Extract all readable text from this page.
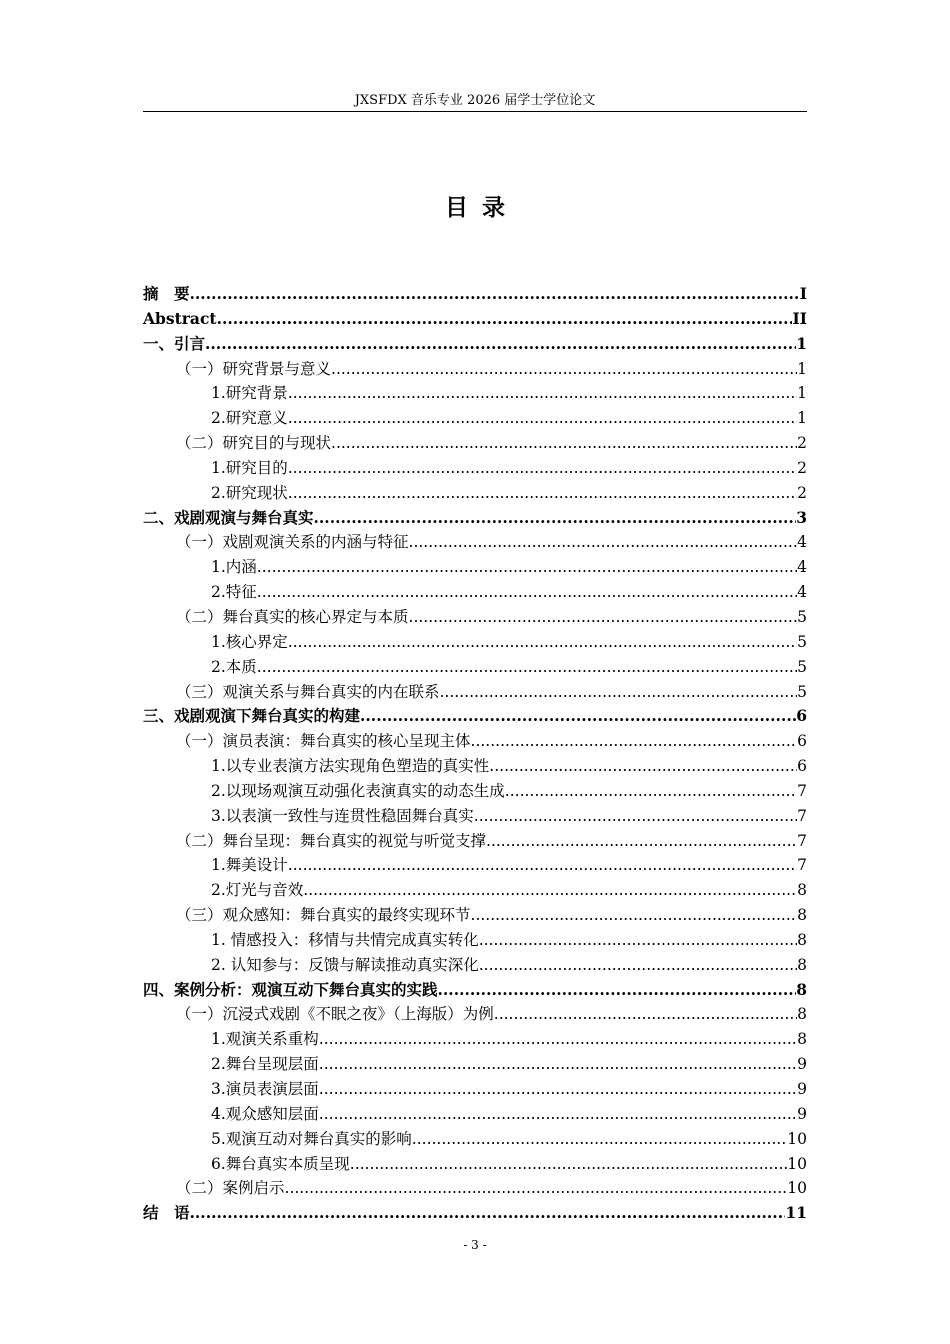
JXSFDX 音乐专业 2026 届学士学位论文
目录
摘　要 .....	I
Abstract .....	II
一、引言 .....	1
（一）研究背景与意义 .....	1
1.研究背景 .....	1
2.研究意义 .....	1
（二）研究目的与现状 .....	2
1.研究目的 .....	2
2.研究现状 .....	2
二、戏剧观演与舞台真实 .....	3
（一）戏剧观演关系的内涵与特征 .....	4
1.内涵 .....	4
2.特征 .....	4
（二）舞台真实的核心界定与本质 .....	5
1.核心界定 .....	5
2.本质 .....	5
（三）观演关系与舞台真实的内在联系 .....	5
三、戏剧观演下舞台真实的构建 .....	6
（一）演员表演：舞台真实的核心呈现主体 .....	6
1.以专业表演方法实现角色塑造的真实性 .....	6
2.以现场观演互动强化表演真实的动态生成 .....	7
3.以表演一致性与连贯性稳固舞台真实 .....	7
（二）舞台呈现：舞台真实的视觉与听觉支撑 .....	7
1.舞美设计 .....	7
2.灯光与音效 .....	8
（三）观众感知：舞台真实的最终实现环节 .....	8
1. 情感投入：移情与共情完成真实转化 .....	8
2. 认知参与：反馈与解读推动真实深化 .....	8
四、案例分析：观演互动下舞台真实的实践 .....	8
（一）沉浸式戏剧《不眠之夜》（上海版）为例 .....	8
1.观演关系重构 .....	8
2.舞台呈现层面 .....	9
3.演员表演层面 .....	9
4.观众感知层面 .....	9
5.观演互动对舞台真实的影响 .....	10
6.舞台真实本质呈现 .....	10
（二）案例启示 .....	10
结　语 .....	11
- 3 -
